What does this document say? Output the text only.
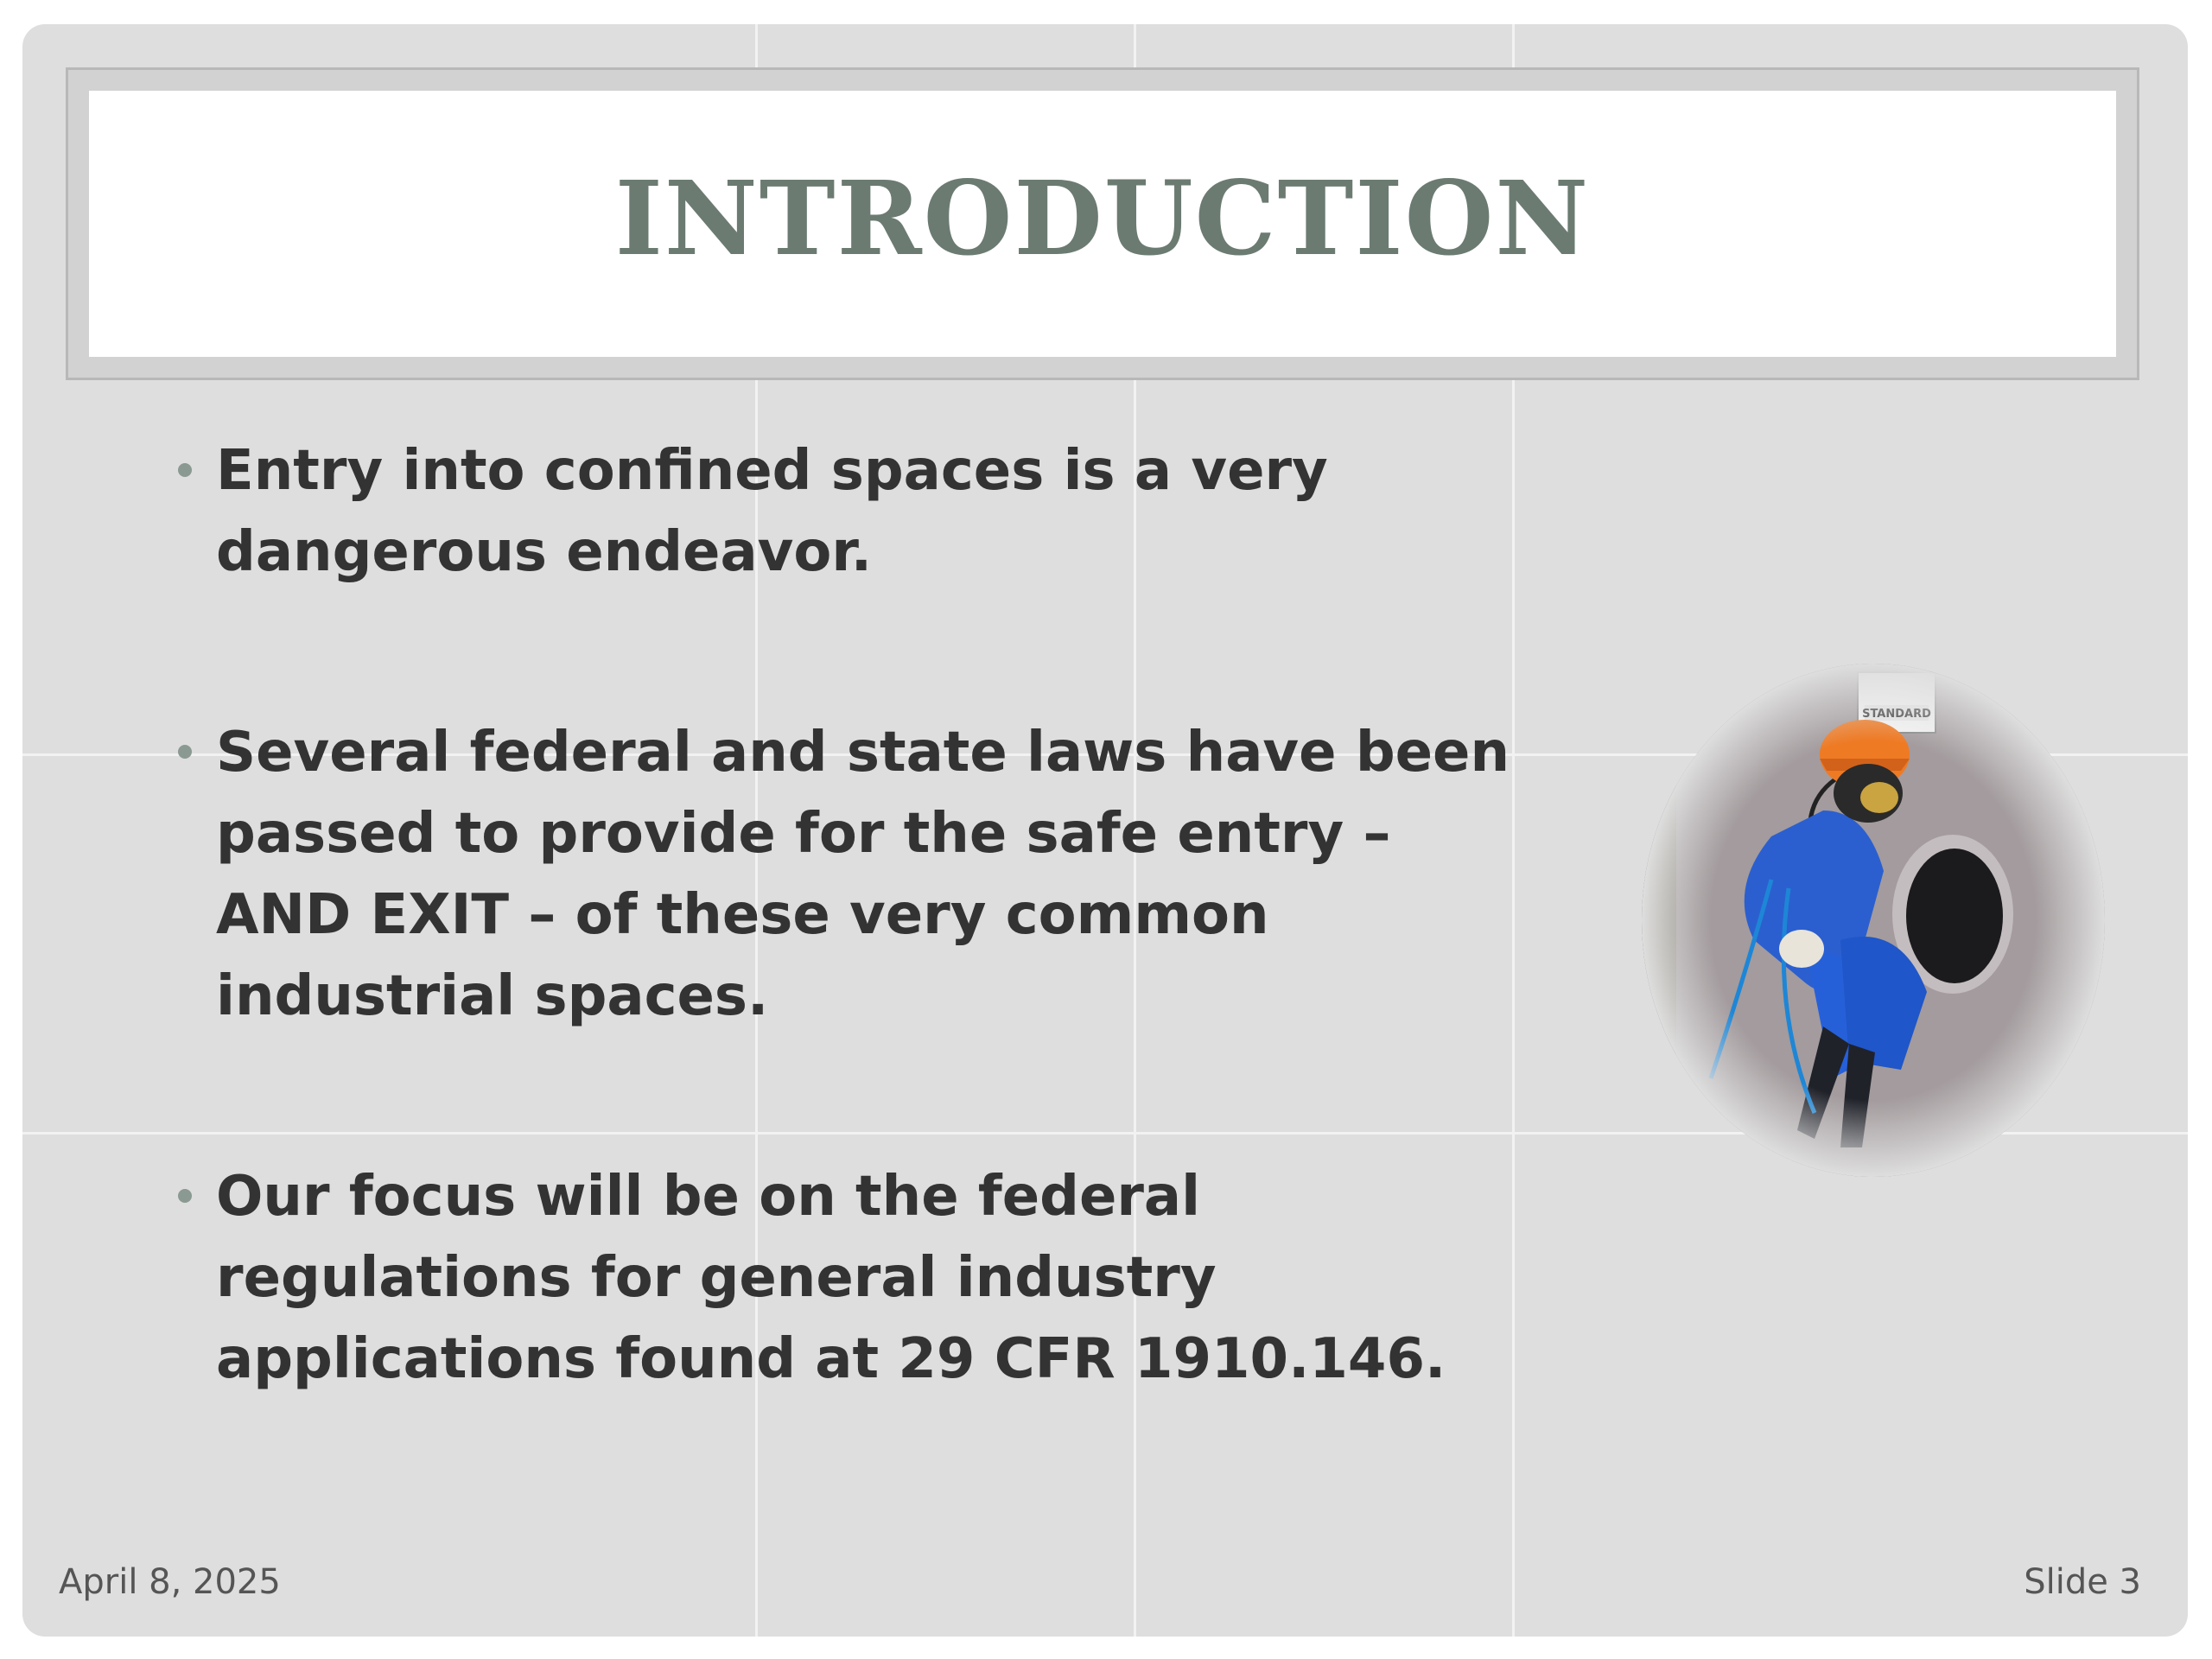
INTRODUCTION
Entry into confined spaces is a very dangerous endeavor.
Several federal and state laws have been passed to provide for the safe entry – AND EXIT – of these very common industrial spaces.
Our focus will be on the federal regulations for general industry applications found at 29 CFR 1910.146.
April 8, 2025	Slide 3
